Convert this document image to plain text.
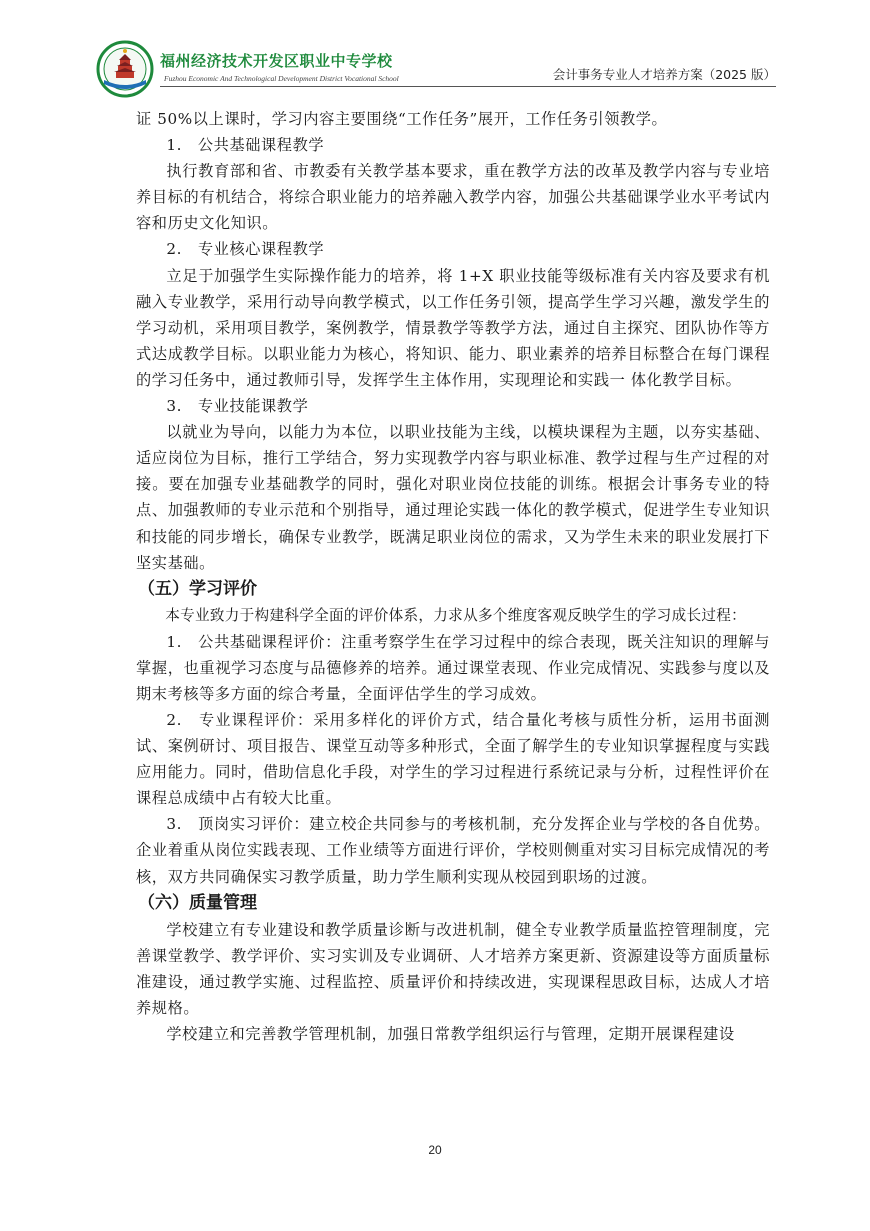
福州经济技术开发区职业中专学校
Fuzhou Economic And Technological Development District Vocational School	会计事务专业人才培养方案（2025 版）

证 50%以上课时，学习内容主要围绕“工作任务”展开，工作任务引领教学。

1.　公共基础课程教学

执行教育部和省、市教委有关教学基本要求，重在教学方法的改革及教学内容与专业培养目标的有机结合，将综合职业能力的培养融入教学内容，加强公共基础课学业水平考试内容和历史文化知识。

2.　专业核心课程教学

立足于加强学生实际操作能力的培养，将 1+X 职业技能等级标准有关内容及要求有机融入专业教学，采用行动导向教学模式，以工作任务引领，提高学生学习兴趣，激发学生的学习动机，采用项目教学，案例教学，情景教学等教学方法，通过自主探究、团队协作等方式达成教学目标。以职业能力为核心，将知识、能力、职业素养的培养目标整合在每门课程的学习任务中，通过教师引导，发挥学生主体作用，实现理论和实践一 体化教学目标。

3.　专业技能课教学

以就业为导向，以能力为本位，以职业技能为主线，以模块课程为主题，以夯实基础、适应岗位为目标，推行工学结合，努力实现教学内容与职业标准、教学过程与生产过程的对接。要在加强专业基础教学的同时，强化对职业岗位技能的训练。根据会计事务专业的特点、加强教师的专业示范和个别指导，通过理论实践一体化的教学模式，促进学生专业知识和技能的同步增长，确保专业教学，既满足职业岗位的需求，又为学生未来的职业发展打下坚实基础。

（五）学习评价

本专业致力于构建科学全面的评价体系，力求从多个维度客观反映学生的学习成长过程：

1.　公共基础课程评价：注重考察学生在学习过程中的综合表现，既关注知识的理解与掌握，也重视学习态度与品德修养的培养。通过课堂表现、作业完成情况、实践参与度以及期末考核等多方面的综合考量，全面评估学生的学习成效。

2.　专业课程评价：采用多样化的评价方式，结合量化考核与质性分析，运用书面测试、案例研讨、项目报告、课堂互动等多种形式，全面了解学生的专业知识掌握程度与实践应用能力。同时，借助信息化手段，对学生的学习过程进行系统记录与分析，过程性评价在课程总成绩中占有较大比重。

3.　顶岗实习评价：建立校企共同参与的考核机制，充分发挥企业与学校的各自优势。企业着重从岗位实践表现、工作业绩等方面进行评价，学校则侧重对实习目标完成情况的考核，双方共同确保实习教学质量，助力学生顺利实现从校园到职场的过渡。

（六）质量管理

学校建立有专业建设和教学质量诊断与改进机制，健全专业教学质量监控管理制度，完善课堂教学、教学评价、实习实训及专业调研、人才培养方案更新、资源建设等方面质量标准建设，通过教学实施、过程监控、质量评价和持续改进，实现课程思政目标，达成人才培养规格。

学校建立和完善教学管理机制，加强日常教学组织运行与管理，定期开展课程建设

20
